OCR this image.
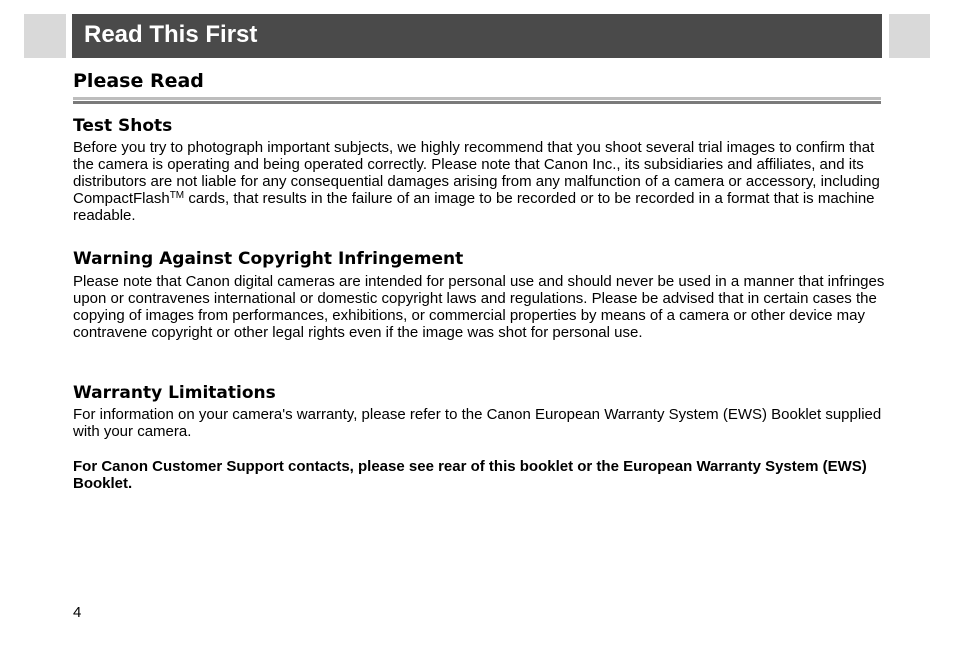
Read This First
Please Read
Test Shots
Before you try to photograph important subjects, we highly recommend that you shoot several trial images to confirm that the camera is operating and being operated correctly. Please note that Canon Inc., its subsidiaries and affiliates, and its distributors are not liable for any consequential damages arising from any malfunction of a camera or accessory, including CompactFlash™ cards, that results in the failure of an image to be recorded or to be recorded in a format that is machine readable.
Warning Against Copyright Infringement
Please note that Canon digital cameras are intended for personal use and should never be used in a manner that infringes upon or contravenes international or domestic copyright laws and regulations. Please be advised that in certain cases the copying of images from performances, exhibitions, or commercial properties by means of a camera or other device may contravene copyright or other legal rights even if the image was shot for personal use.
Warranty Limitations
For information on your camera's warranty, please refer to the Canon European Warranty System (EWS) Booklet supplied with your camera.
For Canon Customer Support contacts, please see rear of this booklet or the European Warranty System (EWS) Booklet.
4
